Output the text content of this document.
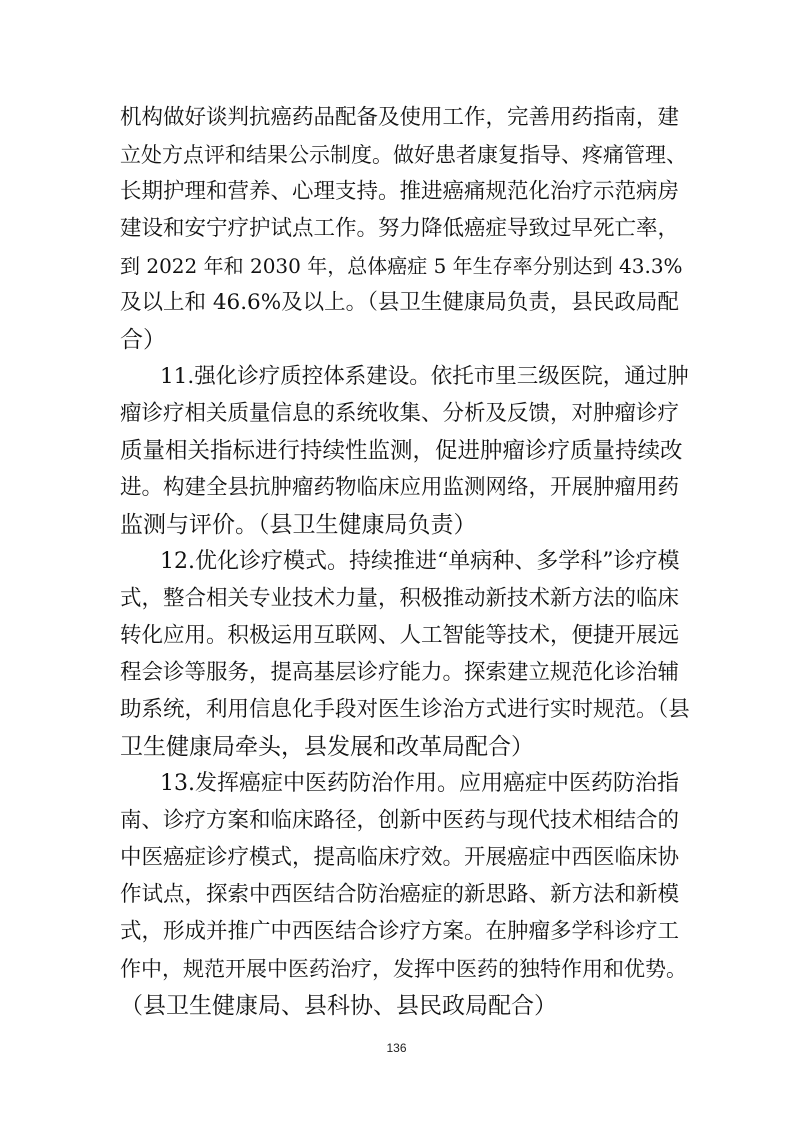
机构做好谈判抗癌药品配备及使用工作，完善用药指南，建
立处方点评和结果公示制度。做好患者康复指导、疼痛管理、
长期护理和营养、心理支持。推进癌痛规范化治疗示范病房
建设和安宁疗护试点工作。努力降低癌症导致过早死亡率，
到 2022 年和 2030 年，总体癌症 5 年生存率分别达到 43.3%
及以上和 46.6%及以上。（县卫生健康局负责，县民政局配
合）
11.强化诊疗质控体系建设。依托市里三级医院，通过肿
瘤诊疗相关质量信息的系统收集、分析及反馈，对肿瘤诊疗
质量相关指标进行持续性监测，促进肿瘤诊疗质量持续改
进。构建全县抗肿瘤药物临床应用监测网络，开展肿瘤用药
监测与评价。（县卫生健康局负责）
12.优化诊疗模式。持续推进“单病种、多学科”诊疗模
式，整合相关专业技术力量，积极推动新技术新方法的临床
转化应用。积极运用互联网、人工智能等技术，便捷开展远
程会诊等服务，提高基层诊疗能力。探索建立规范化诊治辅
助系统，利用信息化手段对医生诊治方式进行实时规范。（县
卫生健康局牵头，县发展和改革局配合）
13.发挥癌症中医药防治作用。应用癌症中医药防治指
南、诊疗方案和临床路径，创新中医药与现代技术相结合的
中医癌症诊疗模式，提高临床疗效。开展癌症中西医临床协
作试点，探索中西医结合防治癌症的新思路、新方法和新模
式，形成并推广中西医结合诊疗方案。在肿瘤多学科诊疗工
作中，规范开展中医药治疗，发挥中医药的独特作用和优势。
（县卫生健康局、县科协、县民政局配合）
136
